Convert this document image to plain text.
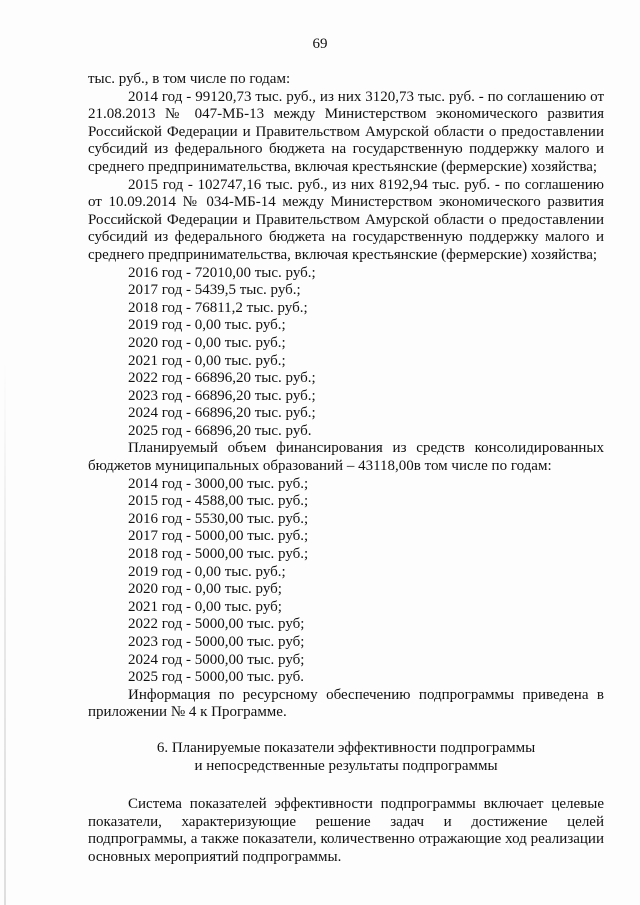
69

тыс. руб., в том числе по годам:

2014 год - 99120,73 тыс. руб., из них 3120,73 тыс. руб. - по соглашению от 21.08.2013 № 047-МБ-13 между Министерством экономического развития Российской Федерации и Правительством Амурской области о предоставлении субсидий из федерального бюджета на государственную поддержку малого и среднего предпринимательства, включая крестьянские (фермерские) хозяйства;

2015 год - 102747,16 тыс. руб., из них 8192,94 тыс. руб. - по соглашению от 10.09.2014 № 034-МБ-14 между Министерством экономического развития Российской Федерации и Правительством Амурской области о предоставлении субсидий из федерального бюджета на государственную поддержку малого и среднего предпринимательства, включая крестьянские (фермерские) хозяйства;

2016 год - 72010,00 тыс. руб.;

2017 год - 5439,5 тыс. руб.;

2018 год - 76811,2 тыс. руб.;

2019 год - 0,00 тыс. руб.;

2020 год - 0,00 тыс. руб.;

2021 год - 0,00 тыс. руб.;

2022 год - 66896,20 тыс. руб.;

2023 год - 66896,20 тыс. руб.;

2024 год - 66896,20 тыс. руб.;

2025 год - 66896,20 тыс. руб.

Планируемый объем финансирования из средств консолидированных бюджетов муниципальных образований – 43118,00в том числе по годам:

2014 год - 3000,00 тыс. руб.;

2015 год - 4588,00 тыс. руб.;

2016 год - 5530,00 тыс. руб.;

2017 год - 5000,00 тыс. руб.;

2018 год - 5000,00 тыс. руб.;

2019 год - 0,00 тыс. руб.;

2020 год - 0,00 тыс. руб;

2021 год - 0,00 тыс. руб;

2022 год - 5000,00 тыс. руб;

2023 год - 5000,00 тыс. руб;

2024 год - 5000,00 тыс. руб;

2025 год - 5000,00 тыс. руб.

Информация по ресурсному обеспечению подпрограммы приведена в приложении № 4 к Программе.

6. Планируемые показатели эффективности подпрограммы
и непосредственные результаты подпрограммы

Система показателей эффективности подпрограммы включает целевые показатели, характеризующие решение задач и достижение целей подпрограммы, а также показатели, количественно отражающие ход реализации основных мероприятий подпрограммы.
